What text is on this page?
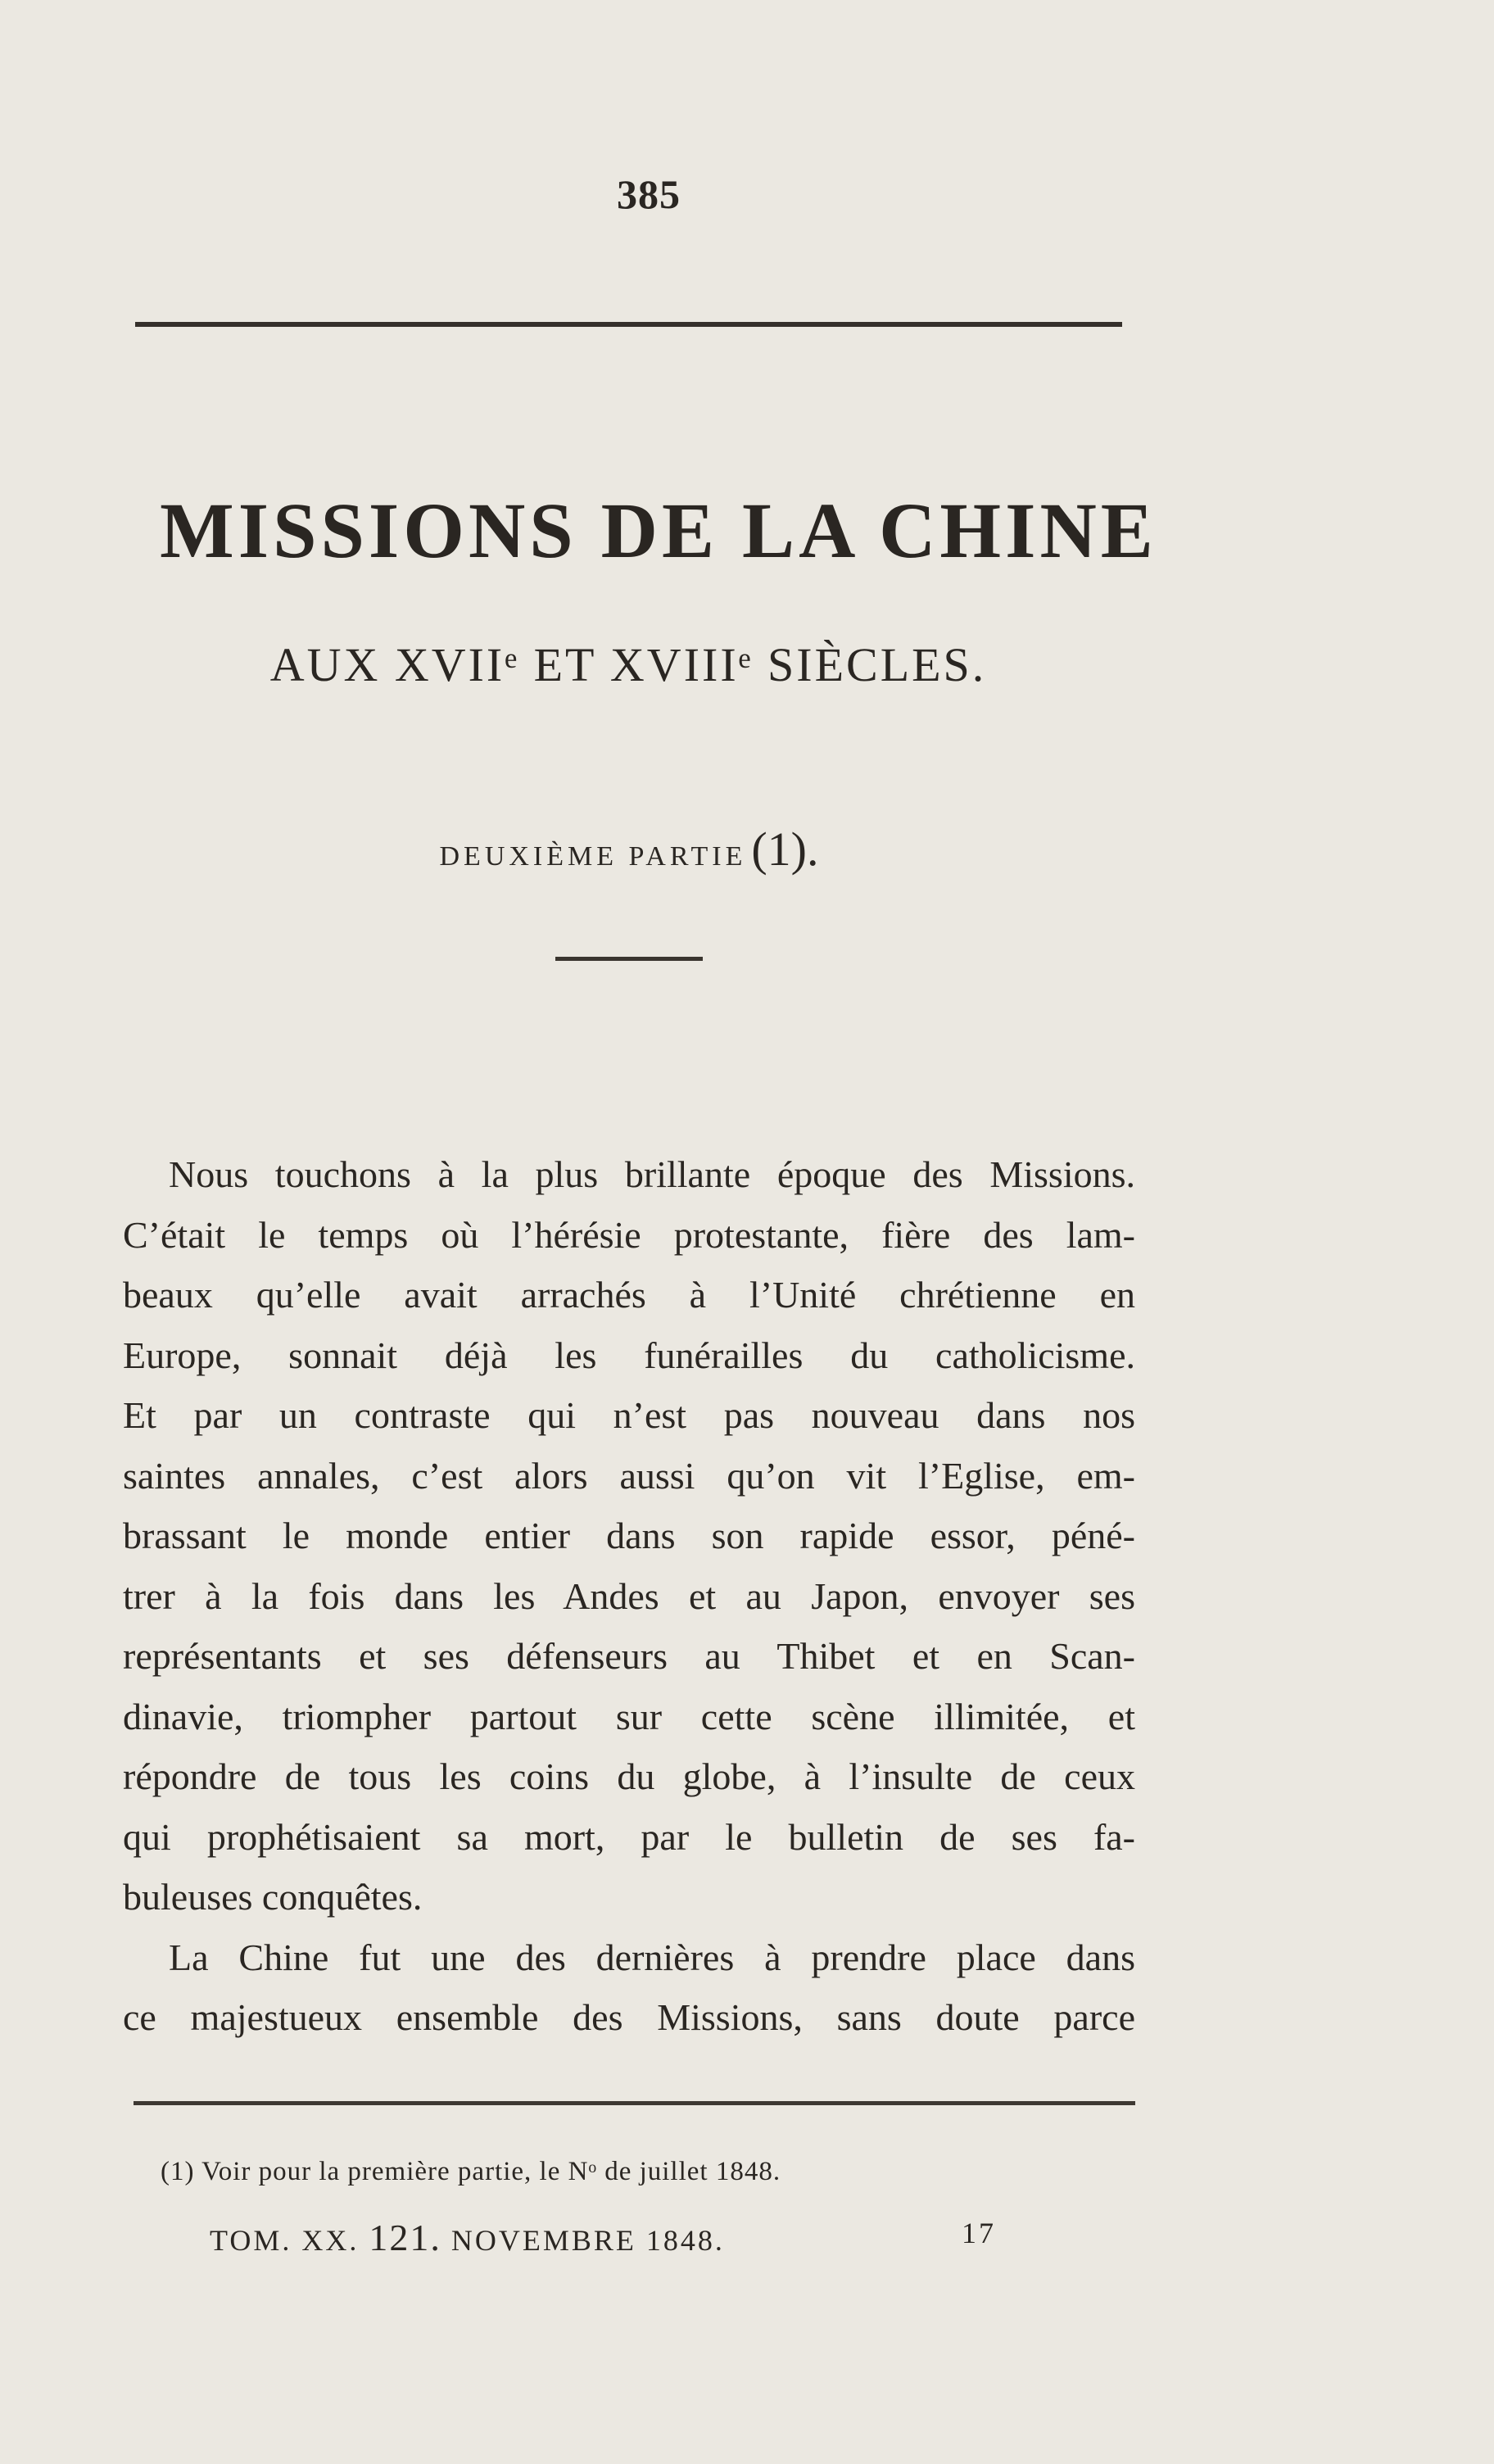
385
MISSIONS DE LA CHINE
AUX XVIIᵉ ET XVIIIᵉ SIÈCLES.
DEUXIÈME PARTIE (1).
Nous touchons à la plus brillante époque des Missions.
C’était le temps où l’hérésie protestante, fière des lam-
beaux qu’elle avait arrachés à l’Unité chrétienne en
Europe, sonnait déjà les funérailles du catholicisme.
Et par un contraste qui n’est pas nouveau dans nos
saintes annales, c’est alors aussi qu’on vit l’Eglise, em-
brassant le monde entier dans son rapide essor, péné-
trer à la fois dans les Andes et au Japon, envoyer ses
représentants et ses défenseurs au Thibet et en Scan-
dinavie, triompher partout sur cette scène illimitée, et
répondre de tous les coins du globe, à l’insulte de ceux
qui prophétisaient sa mort, par le bulletin de ses fa-
buleuses conquêtes.
La Chine fut une des dernières à prendre place dans
ce majestueux ensemble des Missions, sans doute parce
(1) Voir pour la première partie, le Nᵒ de juillet 1848.
TOM. XX. 121. NOVEMBRE 1848.	17
